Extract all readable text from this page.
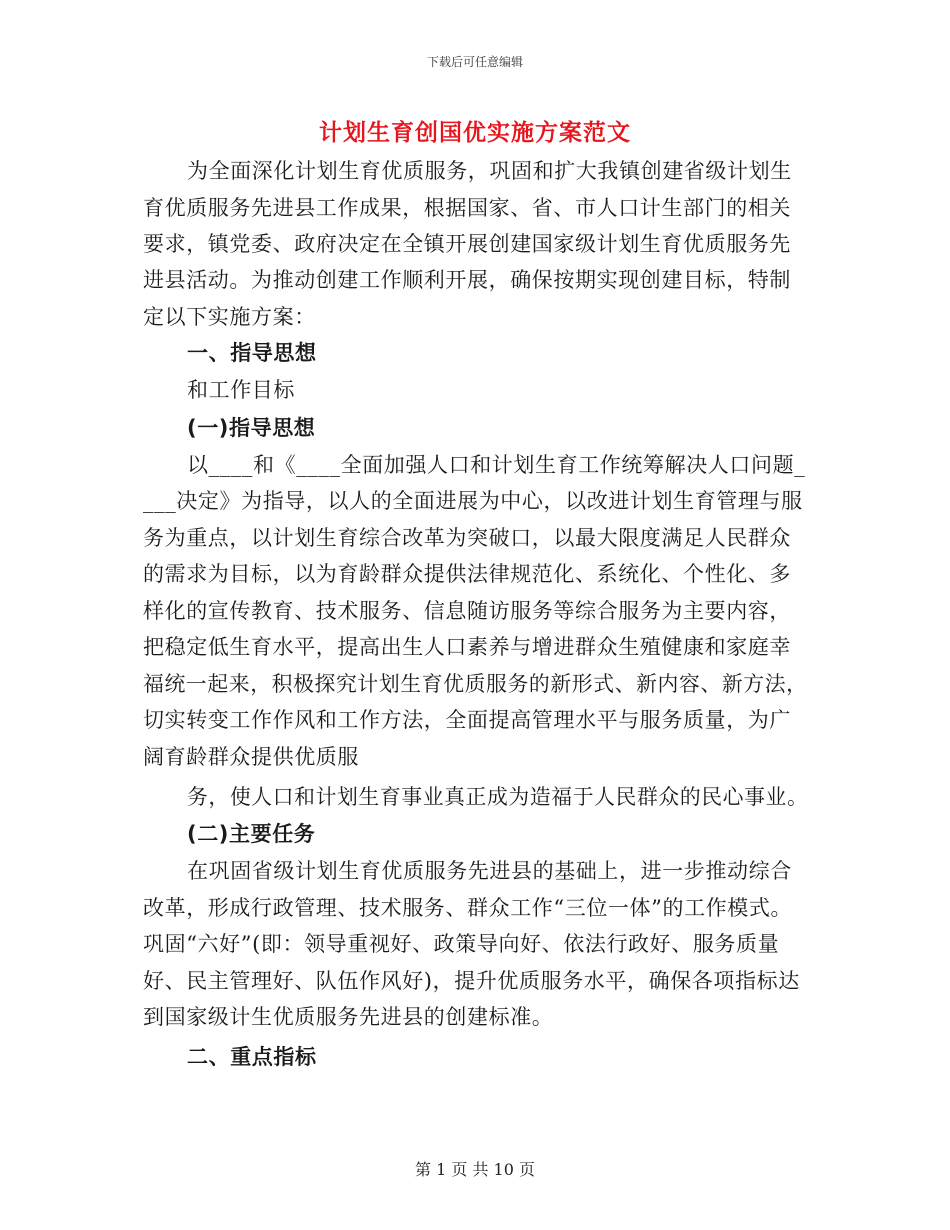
下载后可任意编辑
计划生育创国优实施方案范文
为全面深化计划生育优质服务，巩固和扩大我镇创建省级计划生
育优质服务先进县工作成果，根据国家、省、市人口计生部门的相关
要求，镇党委、政府决定在全镇开展创建国家级计划生育优质服务先
进县活动。为推动创建工作顺利开展，确保按期实现创建目标，特制
定以下实施方案：
一、指导思想
和工作目标
(一)指导思想
以____和《____全面加强人口和计划生育工作统筹解决人口问题_
___决定》为指导，以人的全面进展为中心，以改进计划生育管理与服
务为重点，以计划生育综合改革为突破口，以最大限度满足人民群众
的需求为目标，以为育龄群众提供法律规范化、系统化、个性化、多
样化的宣传教育、技术服务、信息随访服务等综合服务为主要内容，
把稳定低生育水平，提高出生人口素养与增进群众生殖健康和家庭幸
福统一起来，积极探究计划生育优质服务的新形式、新内容、新方法，
切实转变工作作风和工作方法，全面提高管理水平与服务质量，为广
阔育龄群众提供优质服
务，使人口和计划生育事业真正成为造福于人民群众的民心事业。
(二)主要任务
在巩固省级计划生育优质服务先进县的基础上，进一步推动综合
改革，形成行政管理、技术服务、群众工作“三位一体”的工作模式。
巩固“六好”(即：领导重视好、政策导向好、依法行政好、服务质量
好、民主管理好、队伍作风好)，提升优质服务水平，确保各项指标达
到国家级计生优质服务先进县的创建标准。
二、重点指标
第 1 页 共 10 页
